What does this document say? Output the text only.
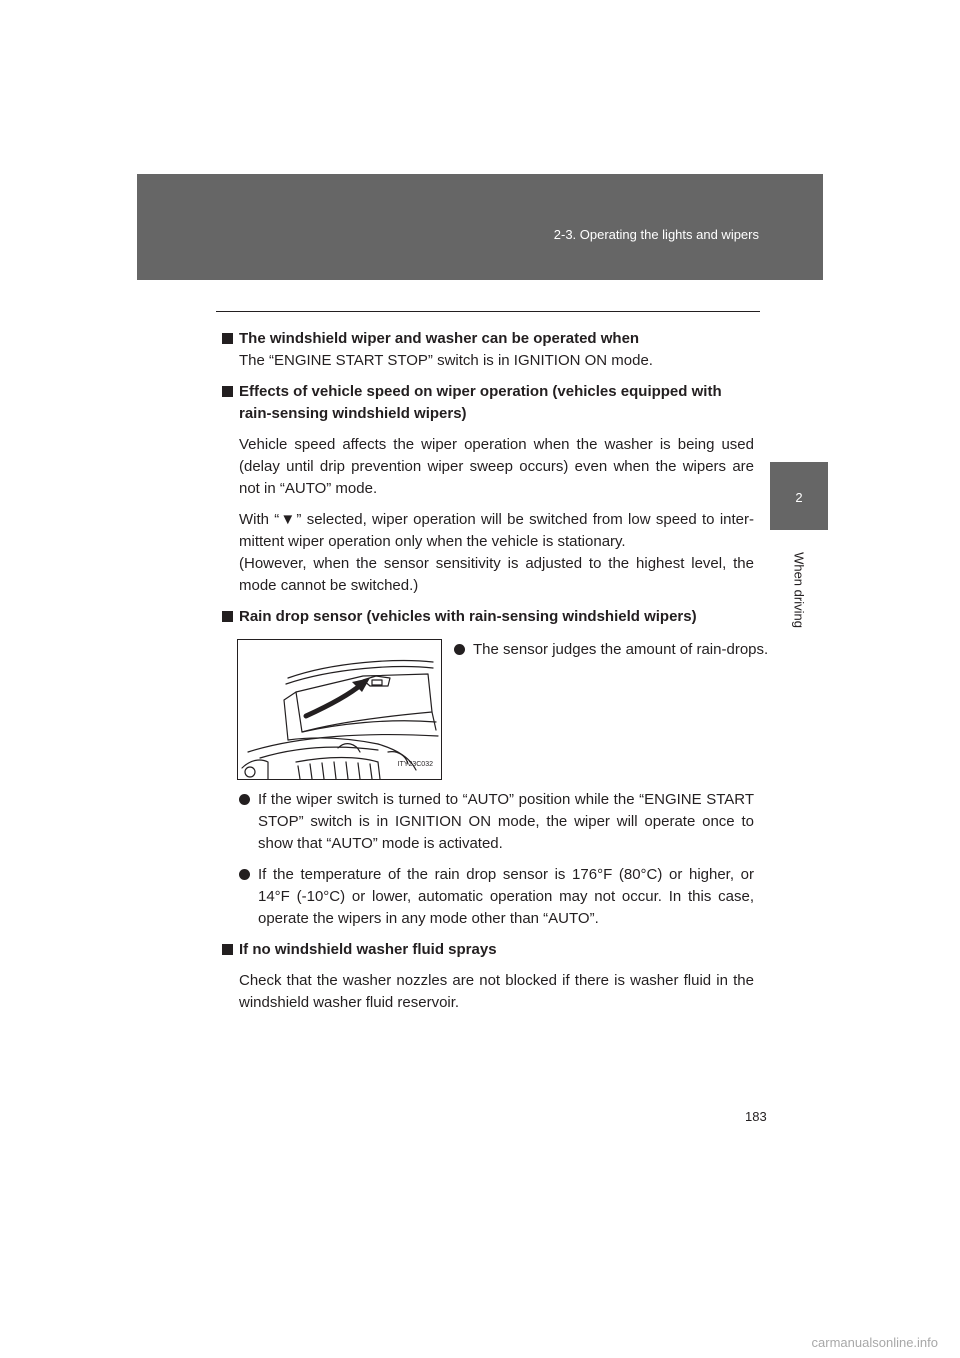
2-3. Operating the lights and wipers
2
When driving
The windshield wiper and washer can be operated when

The “ENGINE START STOP” switch is in IGNITION ON mode.

Effects of vehicle speed on wiper operation (vehicles equipped with rain-sensing windshield wipers)

Vehicle speed affects the wiper operation when the washer is being used (delay until drip prevention wiper sweep occurs) even when the wipers are not in “AUTO” mode.

With “▼” selected, wiper operation will be switched from low speed to inter-mittent wiper operation only when the vehicle is stationary.

(However, when the sensor sensitivity is adjusted to the highest level, the mode cannot be switched.)

Rain drop sensor (vehicles with rain-sensing windshield wipers)
ITY23C032
The sensor judges the amount of rain-drops.
If the wiper switch is turned to “AUTO” position while the “ENGINE START STOP” switch is in IGNITION ON mode, the wiper will operate once to show that “AUTO” mode is activated.
If the temperature of the rain drop sensor is 176°F (80°C) or higher, or 14°F (-10°C) or lower, automatic operation may not occur. In this case, operate the wipers in any mode other than “AUTO”.
If no windshield washer fluid sprays

Check that the washer nozzles are not blocked if there is washer fluid in the windshield washer fluid reservoir.

183
carmanualsonline.info
